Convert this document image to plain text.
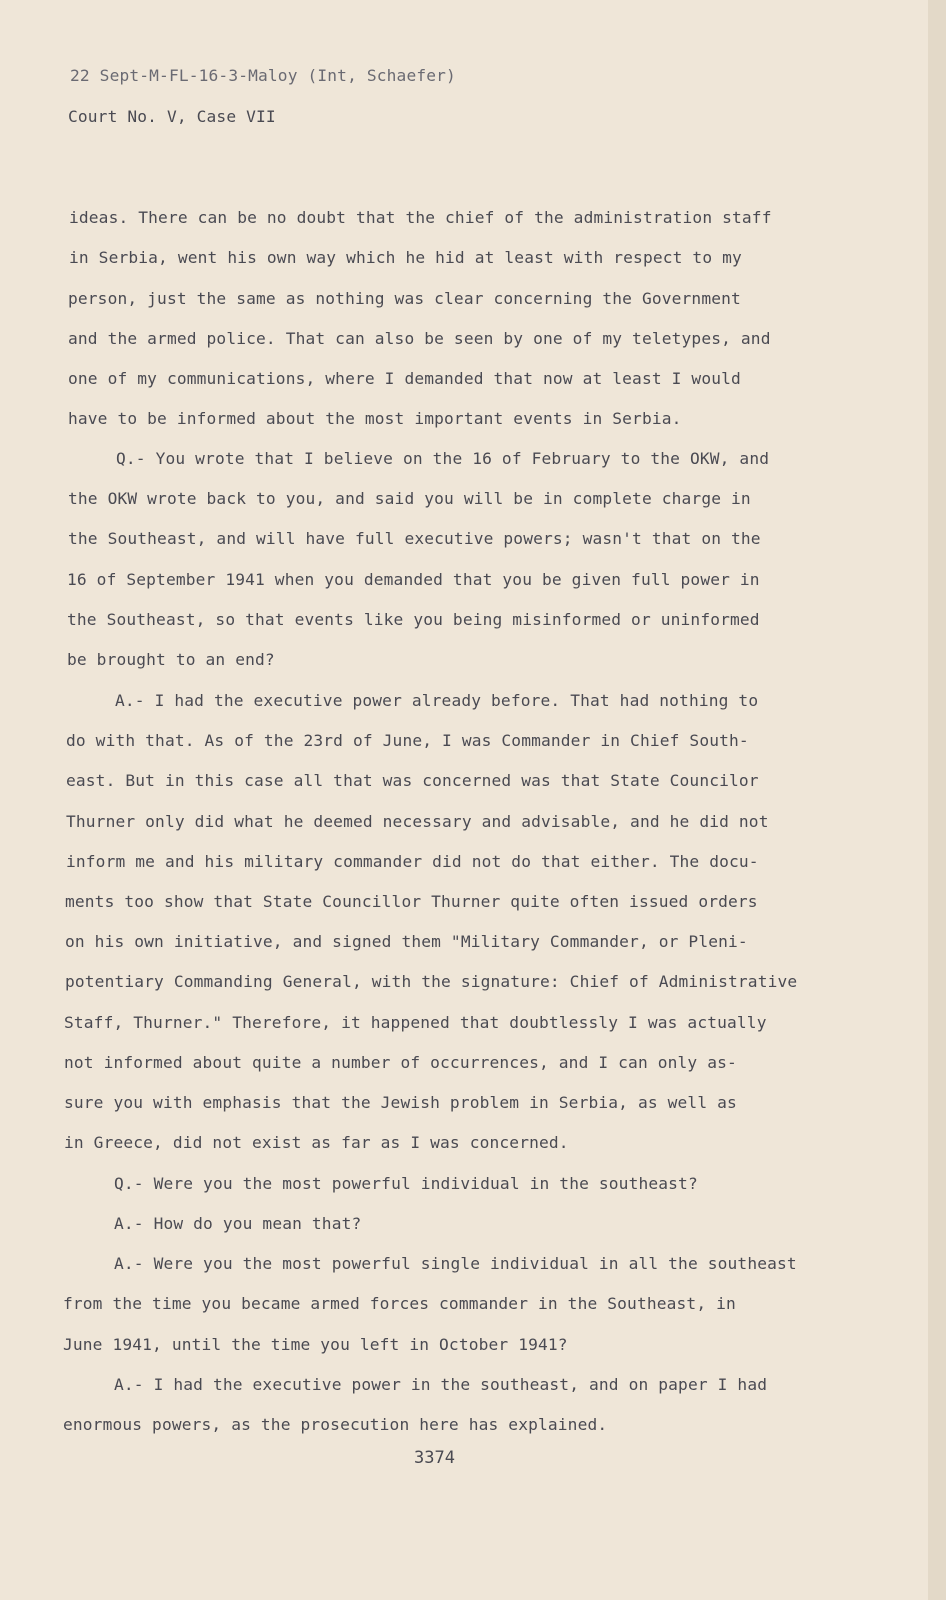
22 Sept-M-FL-16-3-Maloy (Int, Schaefer)
Court No. V, Case VII
ideas. There can be no doubt that the chief of the administration staff
in Serbia, went his own way which he hid at least with respect to my
person, just the same as nothing was clear concerning the Government
and the armed police. That can also be seen by one of my teletypes, and
one of my communications, where I demanded that now at least I would
have to be informed about the most important events in Serbia.
Q.- You wrote that I believe on the 16 of February to the OKW, and
the OKW wrote back to you, and said you will be in complete charge in
the Southeast, and will have full executive powers; wasn't that on the
16 of September 1941 when you demanded that you be given full power in
the Southeast, so that events like you being misinformed or uninformed
be brought to an end?
A.- I had the executive power already before. That had nothing to
do with that. As of the 23rd of June, I was Commander in Chief South-
east. But in this case all that was concerned was that State Councilor
Thurner only did what he deemed necessary and advisable, and he did not
inform me and his military commander did not do that either. The docu-
ments too show that State Councillor Thurner quite often issued orders
on his own initiative, and signed them "Military Commander, or Pleni-
potentiary Commanding General, with the signature: Chief of Administrative
Staff, Thurner." Therefore, it happened that doubtlessly I was actually
not informed about quite a number of occurrences, and I can only as-
sure you with emphasis that the Jewish problem in Serbia, as well as
in Greece, did not exist as far as I was concerned.
Q.- Were you the most powerful individual in the southeast?
A.- How do you mean that?
A.- Were you the most powerful single individual in all the southeast
from the time you became armed forces commander in the Southeast, in
June 1941, until the time you left in October 1941?
A.- I had the executive power in the southeast, and on paper I had
enormous powers, as the prosecution here has explained.
3374
